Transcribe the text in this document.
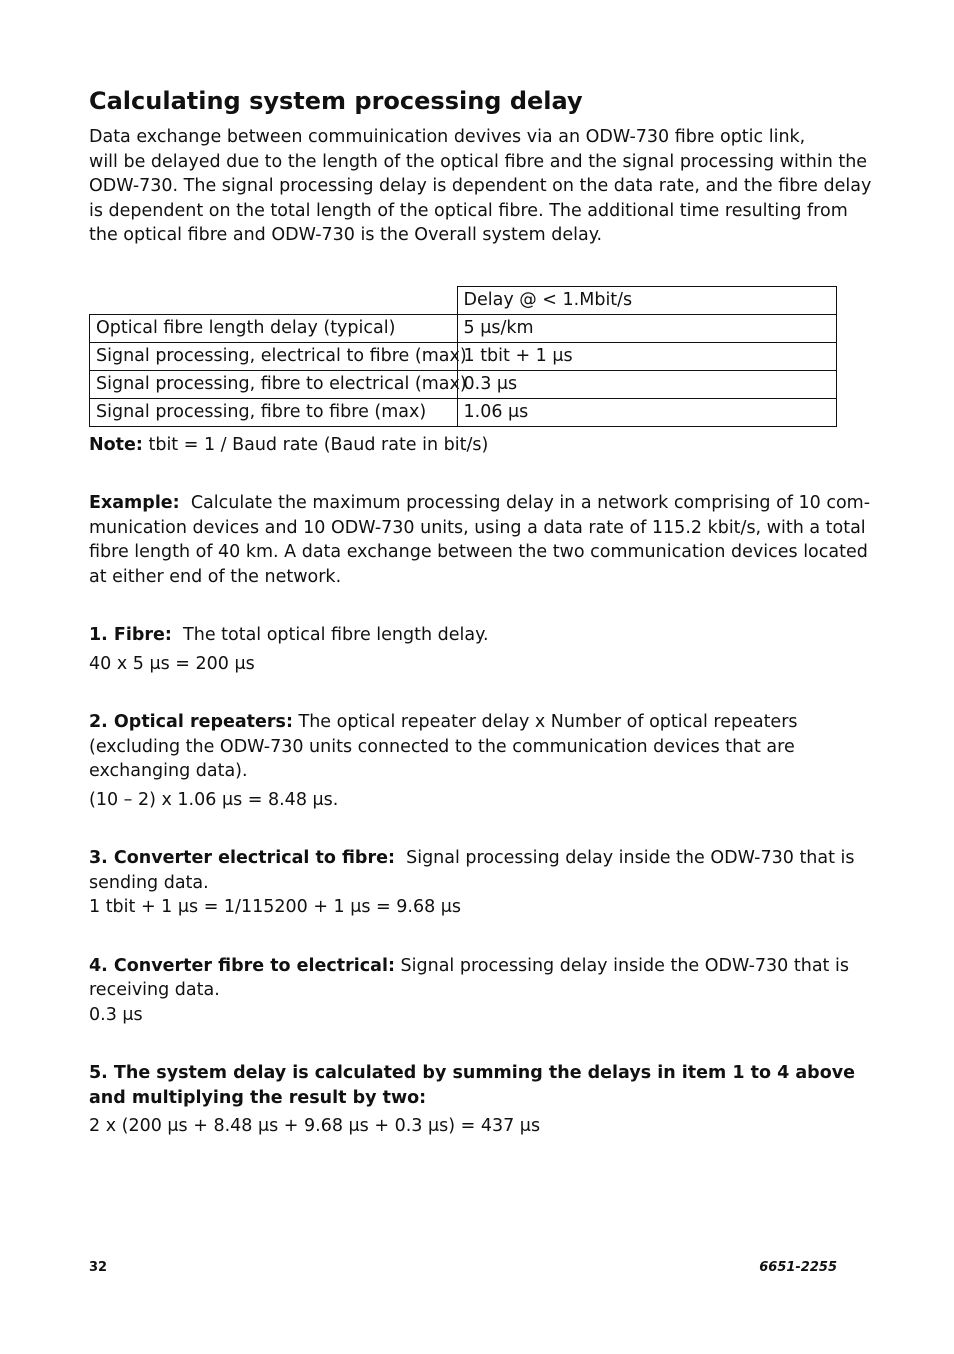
Calculating system processing delay
Data exchange between commuinication devives via an ODW-730 fibre optic link,
will be delayed due to the length of the optical fibre and the signal processing within the
ODW-730. The signal processing delay is dependent on the data rate, and the fibre delay
is dependent on the total length of the optical fibre. The additional time resulting from
the optical fibre and ODW-730 is the Overall system delay.
	Delay @ < 1.Mbit/s
Optical fibre length delay (typical)	5 μs/km
Signal processing, electrical to fibre (max)	1 tbit + 1 μs
Signal processing, fibre to electrical (max)	0.3 μs
Signal processing, fibre to fibre (max)	1.06 μs
Note: tbit = 1 / Baud rate (Baud rate in bit/s)
Example:  Calculate the maximum processing delay in a network comprising of 10 com-
munication devices and 10 ODW-730 units, using a data rate of 115.2 kbit/s, with a total
fibre length of 40 km. A data exchange between the two communication devices located
at either end of the network.
1. Fibre:  The total optical fibre length delay.
40 x 5 μs = 200 μs
2. Optical repeaters: The optical repeater delay x Number of optical repeaters
(excluding the ODW-730 units connected to the communication devices that are
exchanging data).
(10 – 2) x 1.06 μs = 8.48 μs.
3. Converter electrical to fibre:  Signal processing delay inside the ODW-730 that is
sending data.
1 tbit + 1 μs = 1/115200 + 1 μs = 9.68 μs
4. Converter fibre to electrical: Signal processing delay inside the ODW-730 that is
receiving data.
0.3 μs
5. The system delay is calculated by summing the delays in item 1 to 4 above
and multiplying the result by two:
2 x (200 μs + 8.48 μs + 9.68 μs + 0.3 μs) = 437 μs
32	6651-2255
